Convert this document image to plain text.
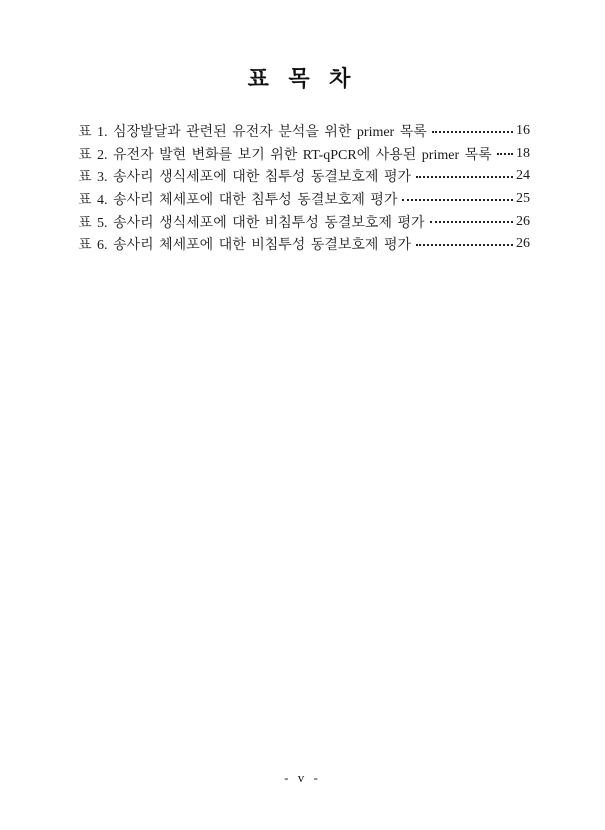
표 목 차
표 1. 심장발달과 관련된 유전자 분석을 위한 primer 목록	16
표 2. 유전자 발현 변화를 보기 위한 RT-qPCR에 사용된 primer 목록 18
표 3. 송사리 생식세포에 대한 침투성 동결보호제 평가	24
표 4. 송사리 체세포에 대한 침투성 동결보호제 평가	25
표 5. 송사리 생식세포에 대한 비침투성 동결보호제 평가	26
표 6. 송사리 체세포에 대한 비침투성 동결보호제 평가	26
- v -
